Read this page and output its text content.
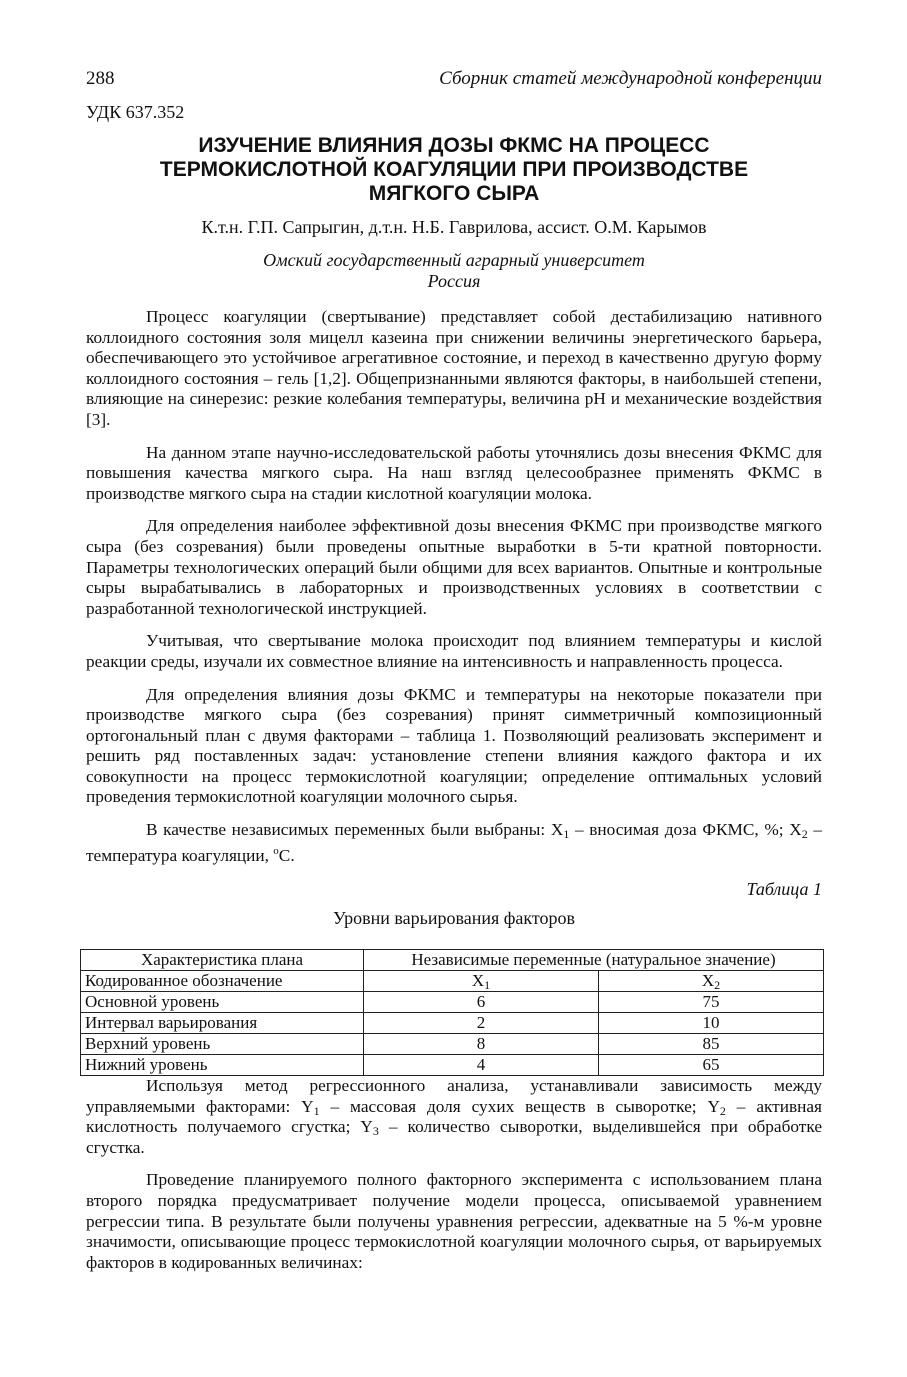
288	Сборник статей международной конференции
УДК 637.352
ИЗУЧЕНИЕ ВЛИЯНИЯ ДОЗЫ ФКМС НА ПРОЦЕСС
ТЕРМОКИСЛОТНОЙ КОАГУЛЯЦИИ ПРИ ПРОИЗВОДСТВЕ
МЯГКОГО СЫРА
К.т.н. Г.П. Сапрыгин, д.т.н. Н.Б. Гаврилова, ассист. О.М. Карымов
Омский государственный аграрный университет
Россия

Процесс коагуляции (свертывание) представляет собой дестабилизацию нативного коллоидного состояния золя мицелл казеина при снижении величины энергетического барьера, обеспечивающего это устойчивое агрегативное состояние, и переход в качественно другую форму коллоидного состояния – гель [1,2]. Общепризнанными являются факторы, в наибольшей степени, влияющие на синерезис: резкие колебания температуры, величина pH и механические воздействия [3].

На данном этапе научно-исследовательской работы уточнялись дозы внесения ФКМС для повышения качества мягкого сыра. На наш взгляд целесообразнее применять ФКМС в производстве мягкого сыра на стадии кислотной коагуляции молока.

Для определения наиболее эффективной дозы внесения ФКМС при производстве мягкого сыра (без созревания) были проведены опытные выработки в 5-ти кратной повторности. Параметры технологических операций были общими для всех вариантов. Опытные и контрольные сыры вырабатывались в лабораторных и производственных условиях в соответствии с разработанной технологической инструкцией.

Учитывая, что свертывание молока происходит под влиянием температуры и кислой реакции среды, изучали их совместное влияние на интенсивность и направленность процесса.

Для определения влияния дозы ФКМС и температуры на некоторые показатели при производстве мягкого сыра (без созревания) принят симметричный композиционный ортогональный план с двумя факторами – таблица 1. Позволяющий реализовать эксперимент и решить ряд поставленных задач: установление степени влияния каждого фактора и их совокупности на процесс термокислотной коагуляции; определение оптимальных условий проведения термокислотной коагуляции молочного сырья.

В качестве независимых переменных были выбраны: $X_1$ – вносимая доза ФКМС, %; $X_2$ – температура коагуляции, $^o$С.

Таблица 1
Уровни варьирования факторов
Характеристика плана	Независимые переменные (натуральное значение)	
Кодированное обозначение	$X_1$	$X_2$
Основной уровень	6	75
Интервал варьирования	2	10
Верхний уровень	8	85
Нижний уровень	4	65

Используя метод регрессионного анализа, устанавливали зависимость между управляемыми факторами: $Y_1$ – массовая доля сухих веществ в сыворотке; $Y_2$ – активная кислотность получаемого сгустка; $Y_3$ – количество сыворотки, выделившейся при обработке сгустка.

Проведение планируемого полного факторного эксперимента с использованием плана второго порядка предусматривает получение модели процесса, описываемой уравнением регрессии типа. В результате были получены уравнения регрессии, адекватные на 5 %-м уровне значимости, описывающие процесс термокислотной коагуляции молочного сырья, от варьируемых факторов в кодированных величинах:
